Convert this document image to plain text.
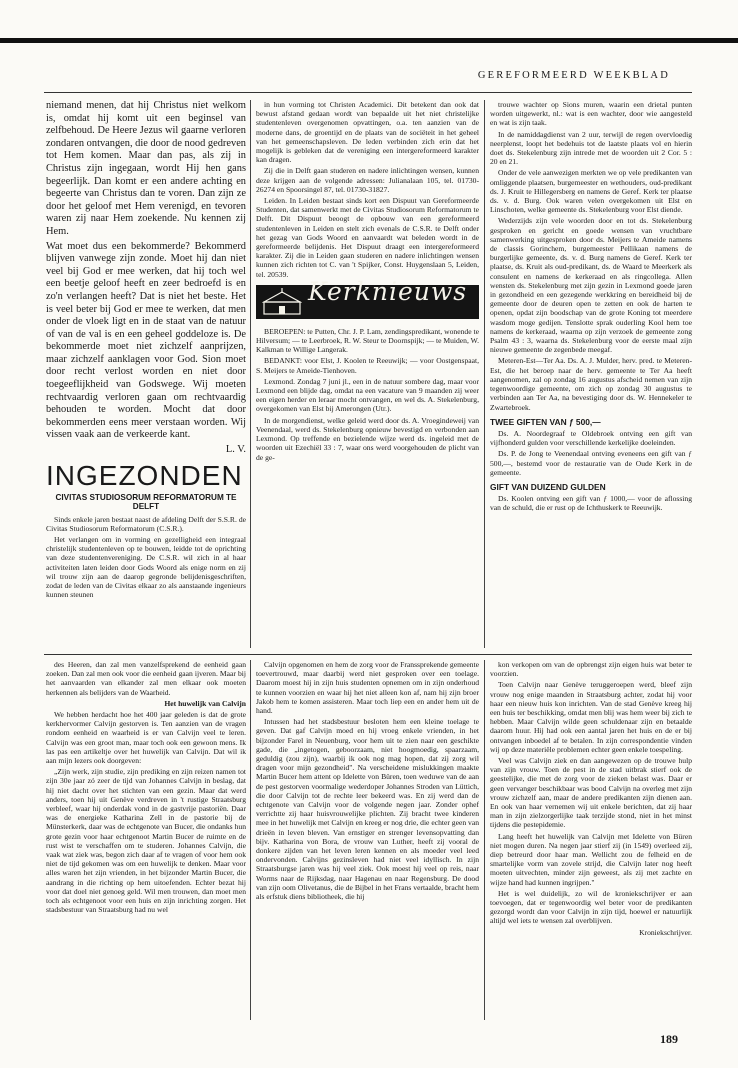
GEREFORMEERD WEEKBLAD

niemand menen, dat hij Christus niet welkom is, omdat hij komt uit een beginsel van zelfbehoud. De Heere Jezus wil gaarne verloren zondaren ontvangen, die door de nood gedreven tot Hem komen. Maar dan pas, als zij in Christus zijn ingegaan, wordt Hij hen gans begeerlijk. Dan komt er een andere achting en begeerte van Christus dan te voren. Dan zijn ze door het geloof met Hem verenigd, en tevoren waren zij naar Hem zoekende. Nu kennen zij Hem.

Wat moet dus een bekommerde? Bekommerd blijven vanwege zijn zonde. Moet hij dan niet veel bij God er mee werken, dat hij toch wel een beetje geloof heeft en zeer bedroefd is en zo'n verlangen heeft? Dat is niet het beste. Het is veel beter bij God er mee te werken, dat men onder de vloek ligt en in de staat van de natuur of van de val is en een geheel goddeloze is. De bekommerde moet niet zichzelf aanprijzen, maar zichzelf aanklagen voor God. Sion moet door recht verlost worden en niet door toegeeflijkheid van Godswege. Wij moeten rechtvaardig verloren gaan om rechtvaardig behouden te worden. Mocht dat door bekommerden eens meer verstaan worden. Wij vissen vaak aan de verkeerde kant.

L. V.
INGEZONDEN
CIVITAS STUDIOSORUM REFORMATORUM TE DELFT

Sinds enkele jaren bestaat naast de afdeling Delft der S.S.R. de Civitas Studiosorum Reformatorum (C.S.R.).

Het verlangen om in vorming en gezelligheid een integraal christelijk studentenleven op te bouwen, leidde tot de oprichting van deze studentenvereniging. De C.S.R. wil zich in al haar activiteiten laten leiden door Gods Woord als enige norm en zij wil trouw zijn aan de daarop gegronde belijdenisgeschriften, zodat de leden van de Civitas elkaar zo als aanstaande ingenieurs kunnen steunen

in hun vorming tot Christen Academici. Dit betekent dan ook dat bewust afstand gedaan wordt van bepaalde uit het niet christelijke studentenleven overgenomen opvattingen, o.a. ten aanzien van de moderne dans, de groentijd en de plaats van de sociëteit in het geheel van het gemeenschapsleven. De leden verbinden zich erin dat het mogelijk is gebleken dat de vereniging een intergereformeerd karakter kan dragen.

Zij die in Delft gaan studeren en nadere inlichtingen wensen, kunnen deze krijgen aan de volgende adressen: Julianalaan 105, tel. 01730-26274 en Spoorsingel 87, tel. 01730-31827.

Leiden. In Leiden bestaat sinds kort een Dispuut van Gereformeerde Studenten, dat samenwerkt met de Civitas Studiosorum Reformatorum te Delft. Dit Dispuut beoogt de opbouw van een gereformeerd studentenleven in Leiden en stelt zich evenals de C.S.R. te Delft onder het gezag van Gods Woord en aanvaardt wat beleden wordt in de gereformeerde belijdenis. Het Dispuut draagt een intergereformeerd karakter. Zij die in Leiden gaan studeren en nadere inlichtingen wensen kunnen zich richten tot C. van 't Spijker, Const. Huygenslaan 5, Leiden, tel. 20539.

Kerknieuws

BEROEPEN: te Putten, Chr. J. P. Lam, zendingspredikant, wonende te Hilversum; — te Leerbroek, R. W. Steur te Doornspijk; — te Muiden, W. Kalkman te Willige Langerak.

BEDANKT: voor Elst, J. Koolen te Reeuwijk; — voor Oostgenspaat, S. Meijers te Ameide-Tienhoven.

Lexmond. Zondag 7 juni jl., een in de natuur sombere dag, maar voor Lexmond een blijde dag, omdat na een vacature van 9 maanden zij weer een eigen herder en leraar mocht ontvangen, en wel ds. A. Stekelenburg, overgekomen van Elst bij Amerongen (Utr.).

In de morgendienst, welke geleid werd door ds. A. Vroegindeweij van Veenendaal, werd ds. Stekelenburg opnieuw bevestigd en verbonden aan Lexmond. Op treffende en bezielende wijze werd ds. ingeleid met de woorden uit Ezechiël 33 : 7, waar ons werd voorgehouden de plicht van de ge-

trouwe wachter op Sions muren, waarin een drietal punten worden uitgewerkt, nl.: wat is een wachter, door wie aangesteld en wat is zijn taak.

In de namiddagdienst van 2 uur, terwijl de regen overvloedig neerplenst, loopt het bedehuis tot de laatste plaats vol en hierin doet ds. Stekelenburg zijn intrede met de woorden uit 2 Cor. 5 : 20 en 21.

Onder de vele aanwezigen merkten we op vele predikanten van omliggende plaatsen, burgemeester en wethouders, oud-predikant ds. J. Kruit te Hillegersberg en namens de Geref. Kerk ter plaatse ds. v. d. Burg. Ook waren velen overgekomen uit Elst en Linschoten, welke gemeente ds. Stekelenburg voor Elst diende.

Wederzijds zijn vele woorden door en tot ds. Stekelenburg gesproken en gericht en goede wensen van vruchtbare samenwerking uitgesproken door ds. Meijers te Ameide namens de classis Gorinchem, burgemeester Pellikaan namens de burgerlijke gemeente, ds. v. d. Burg namens de Geref. Kerk ter plaatse, ds. Kruit als oud-predikant, ds. de Waard te Meerkerk als consulent en namens de kerkeraad en als ringcollega. Allen wensten ds. Stekelenburg met zijn gezin in Lexmond goede jaren in gezondheid en een gezegende werkkring en bereidheid bij de gemeente door de deuren open te zetten en ook de harten te openen, opdat zijn boodschap van de grote Koning tot meerdere wasdom moge gedijen. Tenslotte sprak ouderling Kool hem toe namens de kerkeraad, waarna op zijn verzoek de gemeente zong Psalm 43 : 3, waarna ds. Stekelenburg voor de eerste maal zijn nieuwe gemeente de zegenbede meegaf.

Meteren-Est—Ter Aa. Ds. A. J. Mulder, herv. pred. te Meteren-Est, die het beroep naar de herv. gemeente te Ter Aa heeft aangenomen, zal op zondag 16 augustus afscheid nemen van zijn tegenwoordige gemeente, om zich op zondag 30 augustus te verbinden aan Ter Aa, na bevestiging door ds. W. Hennekeler te Zwartebroek.

TWEE GIFTEN VAN ƒ 500,—

Ds. A. Noordegraaf te Oldebroek ontving een gift van vijfhonderd gulden voor verschillende kerkelijke doeleinden.

Ds. P. de Jong te Veenendaal ontving eveneens een gift van ƒ 500,—, bestemd voor de restauratie van de Oude Kerk in de gemeente.

GIFT VAN DUIZEND GULDEN

Ds. Koolen ontving een gift van ƒ 1000,— voor de aflossing van de schuld, die er rust op de Ichthuskerk te Reeuwijk.

des Heeren, dan zal men vanzelfsprekend de eenheid gaan zoeken. Dan zal men ook voor die eenheid gaan ijveren. Maar bij het aanvaarden van elkander zal men elkaar ook moeten herkennen als belijders van de Waarheid.

Het huwelijk van Calvijn

We hebben herdacht hoe het 400 jaar geleden is dat de grote kerkhervormer Calvijn gestorven is. Ten aanzien van de vragen rondom eenheid en waarheid is er van Calvijn veel te leren. Calvijn was een groot man, maar toch ook een gewoon mens. Ik las pas een artikeltje over het huwelijk van Calvijn. Dat wil ik aan mijn lezers ook doorgeven:

„Zijn werk, zijn studie, zijn prediking en zijn reizen namen tot zijn 30e jaar zó zeer de tijd van Johannes Calvijn in beslag, dat hij niet dacht over het stichten van een gezin. Maar dat werd anders, toen hij uit Genève verdreven in 't rustige Straatsburg verbleef, waar hij onderdak vond in de gastvrije pastoriën. Daar was de energieke Katharina Zell in de pastorie bij de Münsterkerk, daar was de echtgenote van Bucer, die ondanks hun grote gezin voor haar echtgenoot Martin Bucer de ruimte en de rust wist te verschaffen om te studeren. Johannes Calvijn, die vaak wat ziek was, begon zich daar af te vragen of voor hem ook niet de tijd gekomen was om een huwelijk te denken. Maar voor alles waren het zijn vrienden, in het bijzonder Martin Bucer, die aandrang in die richting op hem uitoefenden. Echter bezat hij voor dat doel niet genoeg geld. Wil men trouwen, dan moet men toch als echtgenoot voor een huis en zijn inrichting zorgen. Het stadsbestuur van Straatsburg had nu wel

Calvijn opgenomen en hem de zorg voor de Franssprekende gemeente toevertrouwd, maar daarbij werd niet gesproken over een toelage. Daarom moest hij in zijn huis studenten opnemen om in zijn onderhoud te kunnen voorzien en waar hij het niet alleen kon af, nam hij zijn broer Jakob hem te komen assisteren. Maar toch liep een en ander hem uit de hand.

Intussen had het stadsbestuur besloten hem een kleine toelage te geven. Dat gaf Calvijn moed en hij vroeg enkele vrienden, in het bijzonder Farel in Neuenburg, voor hem uit te zien naar een geschikte gade, die „ingetogen, geboorzaam, niet hoogmoedig, spaarzaam, geduldig (zou zijn), waarbij ik ook nog mag hopen, dat zij zorg wil dragen voor mijn gezondheid". Na verscheidene mislukkingen maakte Martin Bucer hem attent op Idelette von Büren, toen weduwe van de aan de pest gestorven voormalige wederdoper Johannes Stroden van Lüttich, die door Calvijn tot de rechte leer bekeerd was. En zij werd dan de echtgenote van Calvijn voor de volgende negen jaar. Zonder ophef verrichtte zij haar huisvrouwelijke plichten. Zij bracht twee kinderen mee in het huwelijk met Calvijn en kreeg er nog drie, die echter geen van drieën in leven bleven. Van ernstiger en strenger levensopvatting dan bijv. Katharina von Bora, de vrouw van Luther, heeft zij vooral de donkere zijden van het leven leren kennen en als moeder veel leed ondervonden. Calvijns gezinsleven had niet veel idyllisch. In zijn Straatsburgse jaren was hij veel ziek. Ook moest hij veel op reis, naar Worms naar de Rijksdag, naar Hagenau en naar Regensburg. De dood van zijn oom Olivetanus, die de Bijbel in het Frans vertaalde, bracht hem als erfstuk diens bibliotheek, die hij

kon verkopen om van de opbrengst zijn eigen huis wat beter te voorzien.

Toen Calvijn naar Genève teruggeroepen werd, bleef zijn vrouw nog enige maanden in Straatsburg achter, zodat hij voor haar een nieuw huis kon inrichten. Van de stad Genève kreeg hij een huis ter beschikking, omdat men blij was hem weer bij zich te hebben. Maar Calvijn wilde geen schuldenaar zijn en betaalde daarom huur. Hij had ook een aantal jaren het huis en de er bij ontvangen inboedel af te betalen. In zijn correspondentie vinden wij op deze materiële problemen echter geen enkele toespeling.

Veel was Calvijn ziek en dan aangewezen op de trouwe hulp van zijn vrouw. Toen de pest in de stad uitbrak stierf ook de geestelijke, die met de zorg voor de zieken belast was. Daar er geen vervanger beschikbaar was bood Calvijn na overleg met zijn vrouw zichzelf aan, maar de andere predikanten zijn dienen aan. En ook van haar vernemen wij uit enkele berichten, dat zij haar man in zijn zielzorgerlijke taak terzijde stond, niet in het minst tijdens die pestepidemie.

Lang heeft het huwelijk van Calvijn met Idelette von Büren niet mogen duren. Na negen jaar stierf zij (in 1549) overleed zij, diep betreurd door haar man. Wellicht zou de felheid en de smartelijke vorm van zovele strijd, die Calvijn later nog heeft moeten uitvechten, minder zijn geweest, als zij met zachte en wijze hand had kunnen ingrijpen."

Het is wel duidelijk, zo wil de kroniekschrijver er aan toevoegen, dat er tegenwoordig wel beter voor de predikanten gezorgd wordt dan voor Calvijn in zijn tijd, hoewel er natuurlijk altijd wel iets te wensen zal overblijven.

Kroniekschrijver.
189
